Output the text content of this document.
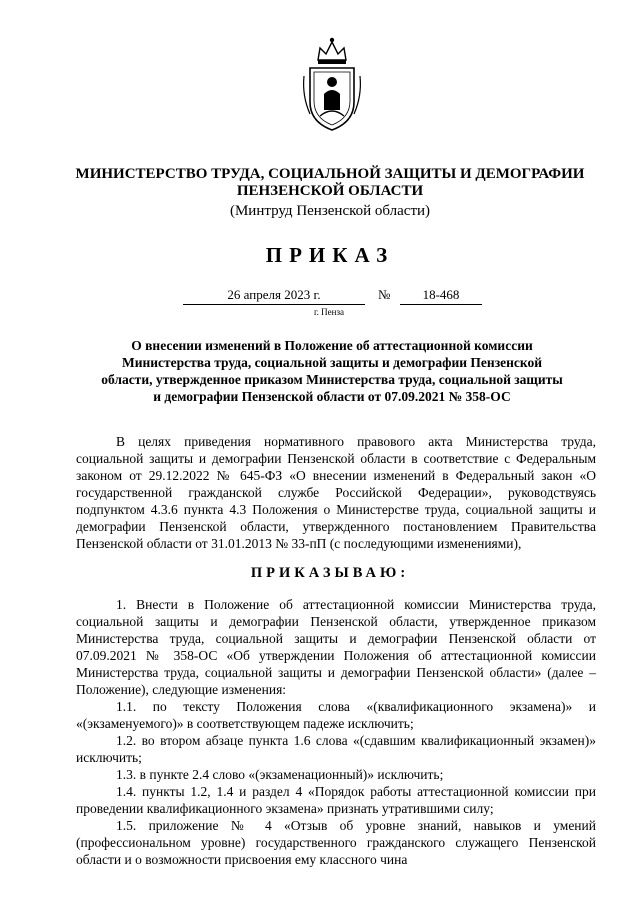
МИНИСТЕРСТВО ТРУДА, СОЦИАЛЬНОЙ ЗАЩИТЫ И ДЕМОГРАФИИ
ПЕНЗЕНСКОЙ ОБЛАСТИ
(Минтруд Пензенской области)
ПРИКАЗ
26 апреля 2023 г.	№	18-468
г. Пенза
О внесении изменений в Положение об аттестационной комиссии
Министерства труда, социальной защиты и демографии Пензенской
области, утвержденное приказом Министерства труда, социальной защиты
и демографии Пензенской области от 07.09.2021 № 358-ОС

В целях приведения нормативного правового акта Министерства труда, социальной защиты и демографии Пензенской области в соответствие с Федеральным законом от 29.12.2022 № 645-ФЗ «О внесении изменений в Федеральный закон «О государственной гражданской службе Российской Федерации», руководствуясь подпунктом 4.3.6 пункта 4.3 Положения о Министерстве труда, социальной защиты и демографии Пензенской области, утвержденного постановлением Правительства Пензенской области от 31.01.2013 № 33-пП (с последующими изменениями),

ПРИКАЗЫВАЮ:

1. Внести в Положение об аттестационной комиссии Министерства труда, социальной защиты и демографии Пензенской области, утвержденное приказом Министерства труда, социальной защиты и демографии Пензенской области от 07.09.2021 № 358-ОС «Об утверждении Положения об аттестационной комиссии Министерства труда, социальной защиты и демографии Пензенской области» (далее – Положение), следующие изменения:

1.1. по тексту Положения слова «(квалификационного экзамена)» и «(экзаменуемого)» в соответствующем падеже исключить;

1.2. во втором абзаце пункта 1.6 слова «(сдавшим квалификационный экзамен)» исключить;

1.3. в пункте 2.4 слово «(экзаменационный)» исключить;

1.4. пункты 1.2, 1.4 и раздел 4 «Порядок работы аттестационной комиссии при проведении квалификационного экзамена» признать утратившими силу;

1.5. приложение № 4 «Отзыв об уровне знаний, навыков и умений (профессиональном уровне) государственного гражданского служащего Пензенской области и о возможности присвоения ему классного чина
